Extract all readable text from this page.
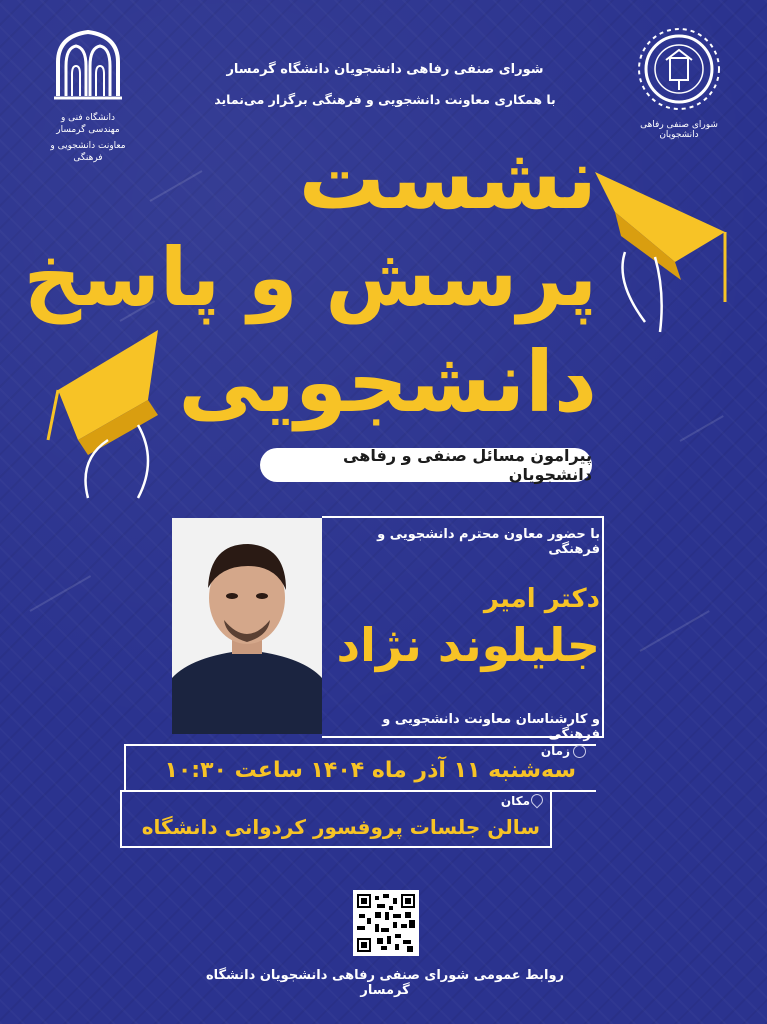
دانشگاه فنی و مهندسی گرمسار
معاونت دانشجویی و فرهنگی
شورای صنفی رفاهی دانشجویان
شورای صنفی رفاهی دانشجویان دانشگاه گرمسار
با همکاری معاونت دانشجویی و فرهنگی برگزار می‌نماید
نشست
پرسش و پاسخ
دانشجویی
پیرامون مسائل صنفی و رفاهی دانشجویان
با حضور معاون محترم دانشجویی و فرهنگی
دکتر امیر
جلیلوند نژاد
و کارشناسان معاونت دانشجویی و فرهنگی
زمان
سه‌شنبه ۱۱ آذر ماه ۱۴۰۴ ساعت ۱۰:۳۰
مکان
سالن جلسات پروفسور کردوانی دانشگاه
روابط عمومی شورای صنفی رفاهی دانشجویان دانشگاه گرمسار
